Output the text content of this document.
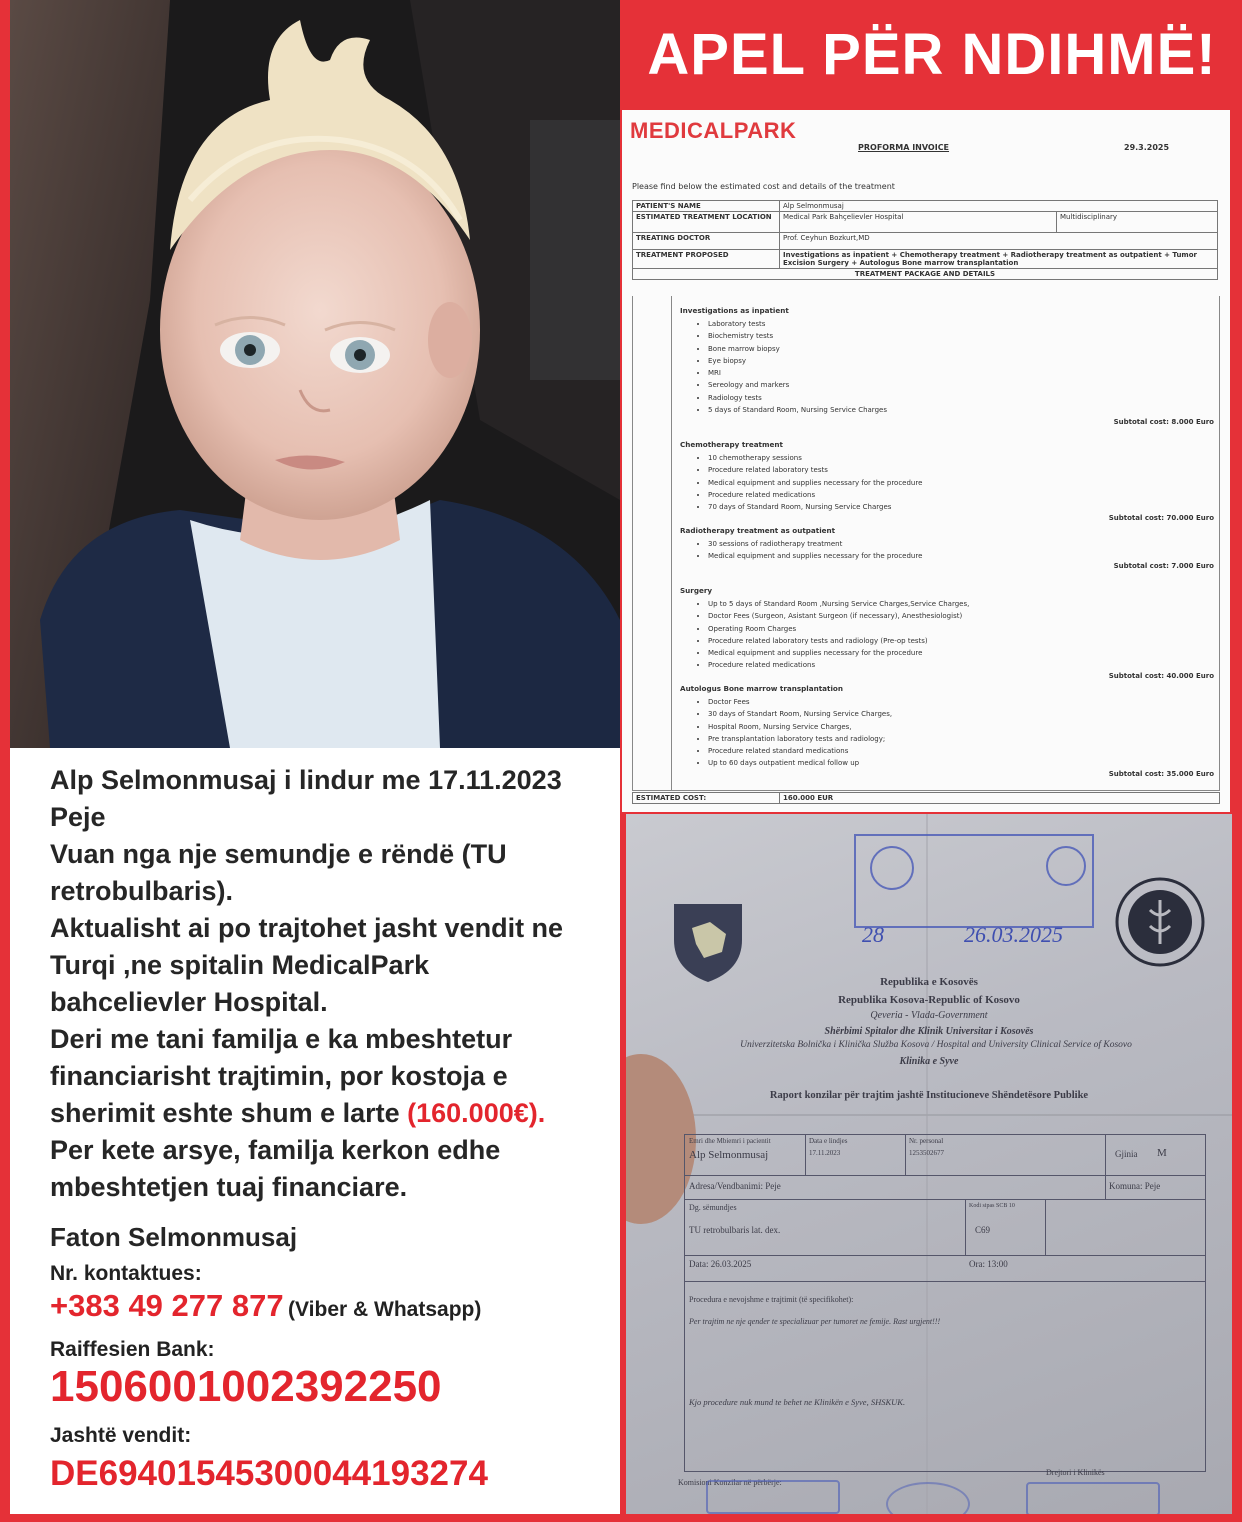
APEL PËR NDIHMË!
MEDICALPARK
PROFORMA INVOICE	29.3.2025
Please find below the estimated cost and details of the treatment
PATIENT'S NAME	Alp Selmonmusaj	
ESTIMATED TREATMENT LOCATION	Medical Park Bahçelievler Hospital	Multidisciplinary
TREATING DOCTOR	Prof. Ceyhun Bozkurt,MD	
TREATMENT PROPOSED	Investigations as inpatient + Chemotherapy treatment + Radiotherapy treatment as outpatient + Tumor Excision Surgery + Autologus Bone marrow transplantation	
TREATMENT PACKAGE AND DETAILS		
Investigations as inpatient
• Laboratory tests
• Biochemistry tests
• Bone marrow biopsy
• Eye biopsy
• MRI
• Serеology and markers
• Radiology tests
• 5 days of Standard Room, Nursing Service Charges
Subtotal cost: 8.000 Euro
Chemotherapy treatment
• 10 chemotherapy sessions
• Procedure related laboratory tests
• Medical equipment and supplies necessary for the procedure
• Procedure related medications
• 70 days of Standard Room, Nursing Service Charges
Subtotal cost: 70.000 Euro
Radiotherapy treatment as outpatient
• 30 sessions of radiotherapy treatment
• Medical equipment and supplies necessary for the procedure
Subtotal cost: 7.000 Euro
Surgery
• Up to 5 days of Standard Room ,Nursing Service Charges,Service Charges,
• Doctor Fees (Surgeon, Asistant Surgeon (if necessary), Anesthesiologist)
• Operating Room Charges
• Procedure related laboratory tests and radiology (Pre-op tests)
• Medical equipment and supplies necessary for the procedure
• Procedure related medications
Subtotal cost: 40.000 Euro
Autologus Bone marrow transplantation
• Doctor Fees
• 30 days of Standart Room, Nursing Service Charges,
• Hospital Room, Nursing Service Charges,
• Pre transplantation laboratory tests and radiology;
• Procedure related standard medications
• Up to 60 days outpatient medical follow up
Subtotal cost: 35.000 Euro
ESTIMATED COST:	160.000 EUR
Alp Selmonmusaj i lindur me 17.11.2023
Peje
Vuan nga nje semundje e rëndë (TU
retrobulbaris).
Aktualisht ai po trajtohet jasht vendit ne
Turqi ,ne spitalin MedicalPark
bahcelievler Hospital.
Deri me tani familja e ka mbeshtetur
financiarisht trajtimin, por kostoja e
sherimit eshte shum e larte (160.000€).
Per kete arsye, familja kerkon edhe
mbeshtetjen tuaj financiare.
Faton Selmonmusaj
Nr. kontaktues:
+383 49 277 877 (Viber & Whatsapp)
Raiffesien Bank:
1506001002392250
Jashtë vendit:
DE69401545300044193274
28	26.03.2025
Republika e Kosovës
Republika Kosova-Republic of Kosovo
Qeveria - Vlada-Government
Shërbimi Spitalor dhe Klinik Universitar i Kosovës
Univerzitetska Bolnička i Klinička Služba Kosova / Hospital and University Clinical Service of Kosovo
Klinika e Syve
Raport konzilar për trajtim jashtë Institucioneve Shëndetësore Publike
Emri dhe Mbiemri i pacientit
Alp Selmonmusaj
Data e lindjes
17.11.2023
Nr. personal
1253502677	Gjinia M
Adresa/Vendbanimi: Peje	Komuna: Peje
Dg. sëmundjes
TU retrobulbaris lat. dex.
Kodi sipas SCB 10
C69
Data: 26.03.2025	Ora: 13:00
Procedura e nevojshme e trajtimit (të specifikohet):
Per trajtim ne nje qender te specializuar per tumoret ne femije. Rast urgjent!!!
Kjo procedure nuk mund te behet ne Klinikën e Syve, SHSKUK.
Komisioni Konzilar në përbërje:
Drejtori i Klinikës
